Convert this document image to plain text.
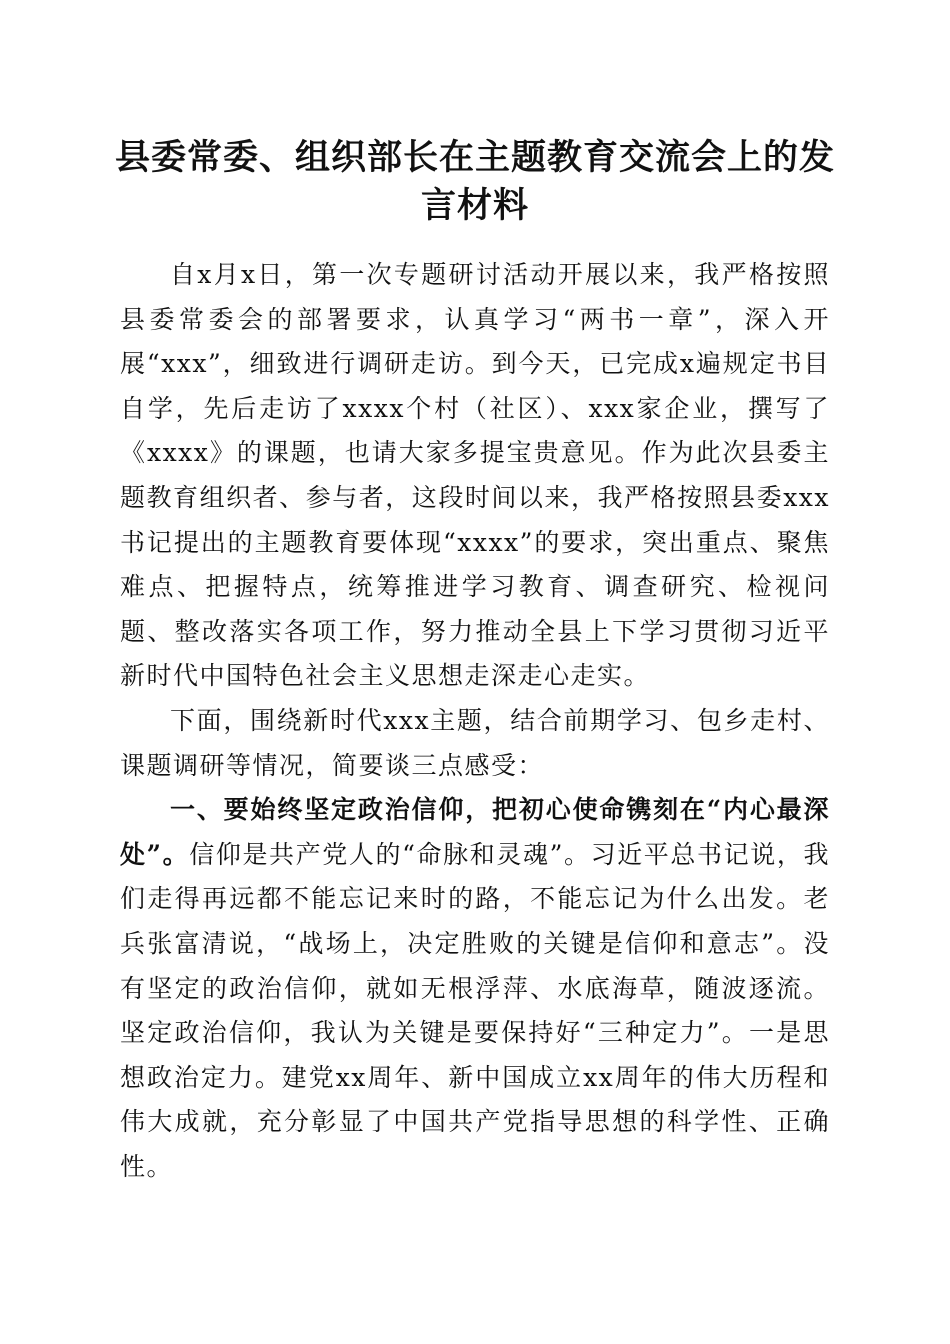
县委常委、组织部长在主题教育交流会上的发言材料

自x月x日，第一次专题研讨活动开展以来，我严格按照县委常委会的部署要求，认真学习“两书一章”，深入开展“xxx”，细致进行调研走访。到今天，已完成x遍规定书目自学，先后走访了xxxx个村（社区）、xxx家企业，撰写了《xxxx》的课题，也请大家多提宝贵意见。作为此次县委主题教育组织者、参与者，这段时间以来，我严格按照县委xxx书记提出的主题教育要体现“xxxx”的要求，突出重点、聚焦难点、把握特点，统筹推进学习教育、调查研究、检视问题、整改落实各项工作，努力推动全县上下学习贯彻习近平新时代中国特色社会主义思想走深走心走实。

下面，围绕新时代xxx主题，结合前期学习、包乡走村、课题调研等情况，简要谈三点感受：

一、要始终坚定政治信仰，把初心使命镌刻在“内心最深处”。信仰是共产党人的“命脉和灵魂”。习近平总书记说，我们走得再远都不能忘记来时的路，不能忘记为什么出发。老兵张富清说，“战场上，决定胜败的关键是信仰和意志”。没有坚定的政治信仰，就如无根浮萍、水底海草，随波逐流。坚定政治信仰，我认为关键是要保持好“三种定力”。一是思想政治定力。建党xx周年、新中国成立xx周年的伟大历程和伟大成就，充分彰显了中国共产党指导思想的科学性、正确性。
